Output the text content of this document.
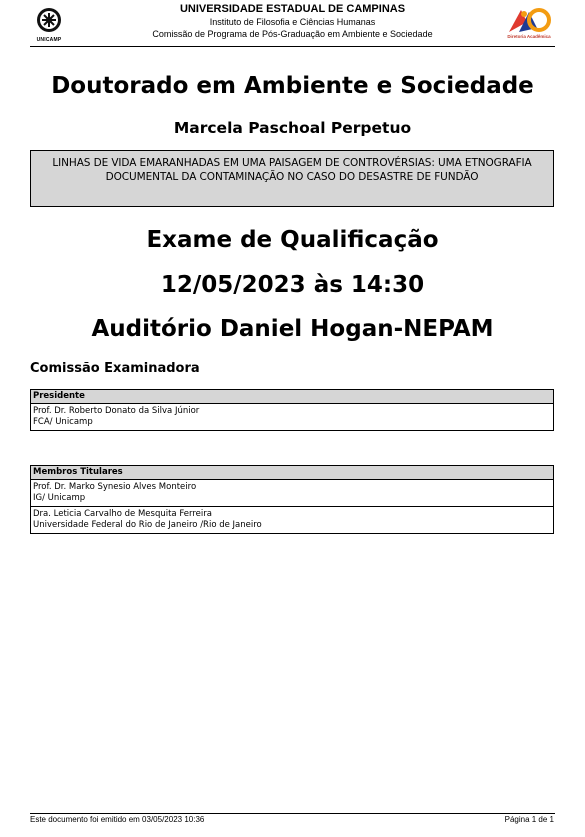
UNICAMP
UNIVERSIDADE ESTADUAL DE CAMPINAS
Instituto de Filosofia e Ciências Humanas
Comissão de Programa de Pós-Graduação em Ambiente e Sociedade	Diretoria Acadêmica
Doutorado em Ambiente e Sociedade
Marcela Paschoal Perpetuo
LINHAS DE VIDA EMARANHADAS EM UMA PAISAGEM DE CONTROVÉRSIAS: UMA ETNOGRAFIA DOCUMENTAL DA CONTAMINAÇÃO NO CASO DO DESASTRE DE FUNDÃO
Exame de Qualificação
12/05/2023 às 14:30
Auditório Daniel Hogan-NEPAM
Comissão Examinadora
Presidente
Prof. Dr. Roberto Donato da Silva Júnior
FCA/ Unicamp
Membros Titulares
Prof. Dr. Marko Synesio Alves Monteiro
IG/ Unicamp
Dra. Leticia Carvalho de Mesquita Ferreira
Universidade Federal do Rio de Janeiro /Rio de Janeiro
Este documento foi emitido em 03/05/2023 10:36	Página 1 de 1
